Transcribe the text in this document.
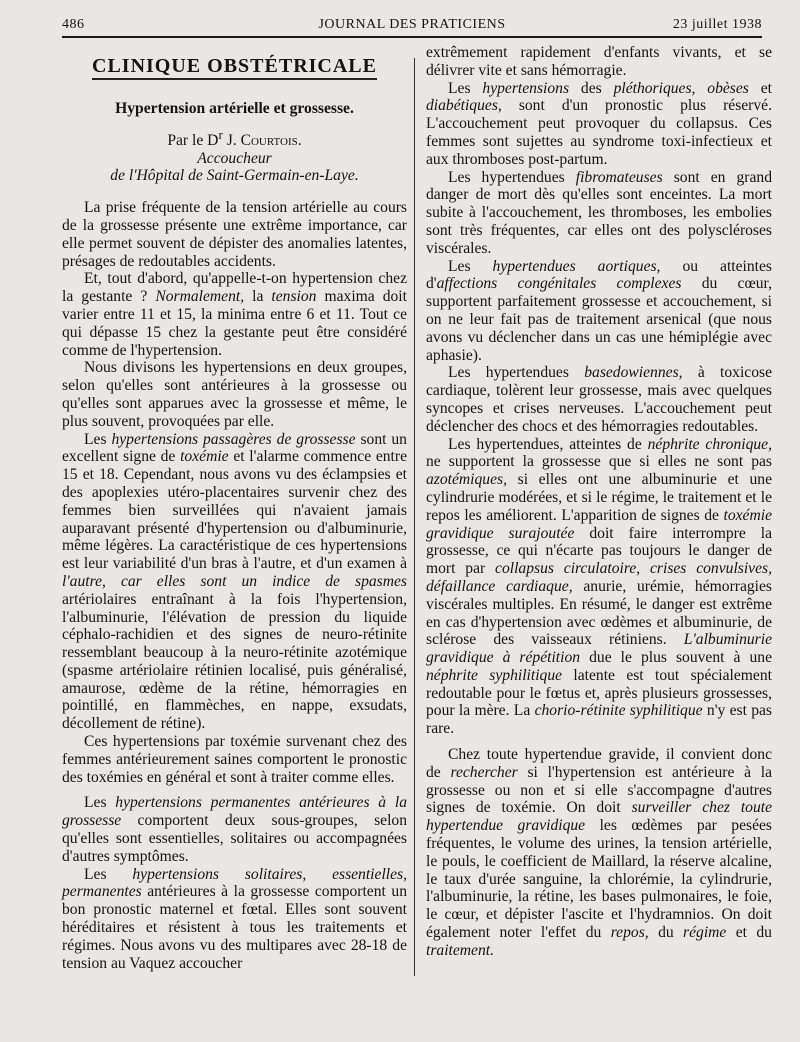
JOURNAL DES PRATICIENS
486	23 juillet 1938
CLINIQUE OBSTÉTRICALE
Hypertension artérielle et grossesse.
Par le $D^r$ J. Courtois.
Accoucheur
de l'Hôpital de Saint-Germain-en-Laye.

La prise fréquente de la tension artérielle au cours de la grossesse présente une extrême importance, car elle permet souvent de dépister des anomalies latentes, présages de redoutables accidents.

Et, tout d'abord, qu'appelle-t-on hypertension chez la gestante ? Normalement, la tension maxima doit varier entre 11 et 15, la minima entre 6 et 11. Tout ce qui dépasse 15 chez la gestante peut être considéré comme de l'hypertension.

Nous divisons les hypertensions en deux groupes, selon qu'elles sont antérieures à la grossesse ou qu'elles sont apparues avec la grossesse et même, le plus souvent, provoquées par elle.

Les hypertensions passagères de grossesse sont un excellent signe de toxémie et l'alarme commence entre 15 et 18. Cependant, nous avons vu des éclampsies et des apoplexies utéro-placentaires survenir chez des femmes bien surveillées qui n'avaient jamais auparavant présenté d'hypertension ou d'albuminurie, même légères. La caractéristique de ces hypertensions est leur variabilité d'un bras à l'autre, et d'un examen à l'autre, car elles sont un indice de spasmes artériolaires entraînant à la fois l'hypertension, l'albuminurie, l'élévation de pression du liquide céphalo-rachidien et des signes de neuro-rétinite ressemblant beaucoup à la neuro-rétinite azotémique (spasme artériolaire rétinien localisé, puis généralisé, amaurose, œdème de la rétine, hémorragies en pointillé, en flammèches, en nappe, exsudats, décollement de rétine).

Ces hypertensions par toxémie survenant chez des femmes antérieurement saines comportent le pronostic des toxémies en général et sont à traiter comme elles.

Les hypertensions permanentes antérieures à la grossesse comportent deux sous-groupes, selon qu'elles sont essentielles, solitaires ou accompagnées d'autres symptômes.

Les hypertensions solitaires, essentielles, permanentes antérieures à la grossesse comportent un bon pronostic maternel et fœtal. Elles sont souvent héréditaires et résistent à tous les traitements et régimes. Nous avons vu des multipares avec 28-18 de tension au Vaquez accoucher

extrêmement rapidement d'enfants vivants, et se délivrer vite et sans hémorragie.

Les hypertensions des pléthoriques, obèses et diabétiques, sont d'un pronostic plus réservé. L'accouchement peut provoquer du collapsus. Ces femmes sont sujettes au syndrome toxi-infectieux et aux thromboses post-partum.

Les hypertendues fibromateuses sont en grand danger de mort dès qu'elles sont enceintes. La mort subite à l'accouchement, les thromboses, les embolies sont très fréquentes, car elles ont des polyscléroses viscérales.

Les hypertendues aortiques, ou atteintes d'affections congénitales complexes du cœur, supportent parfaitement grossesse et accouchement, si on ne leur fait pas de traitement arsenical (que nous avons vu déclencher dans un cas une hémiplégie avec aphasie).

Les hypertendues basedowiennes, à toxicose cardiaque, tolèrent leur grossesse, mais avec quelques syncopes et crises nerveuses. L'accouchement peut déclencher des chocs et des hémorragies redoutables.

Les hypertendues, atteintes de néphrite chronique, ne supportent la grossesse que si elles ne sont pas azotémiques, si elles ont une albuminurie et une cylindrurie modérées, et si le régime, le traitement et le repos les améliorent. L'apparition de signes de toxémie gravidique surajoutée doit faire interrompre la grossesse, ce qui n'écarte pas toujours le danger de mort par collapsus circulatoire, crises convulsives, défaillance cardiaque, anurie, urémie, hémorragies viscérales multiples. En résumé, le danger est extrême en cas d'hypertension avec œdèmes et albuminurie, de sclérose des vaisseaux rétiniens. L'albuminurie gravidique à répétition due le plus souvent à une néphrite syphilitique latente est tout spécialement redoutable pour le fœtus et, après plusieurs grossesses, pour la mère. La chorio-rétinite syphilitique n'y est pas rare.

Chez toute hypertendue gravide, il convient donc de rechercher si l'hypertension est antérieure à la grossesse ou non et si elle s'accompagne d'autres signes de toxémie. On doit surveiller chez toute hypertendue gravidique les œdèmes par pesées fréquentes, le volume des urines, la tension artérielle, le pouls, le coefficient de Maillard, la réserve alcaline, le taux d'urée sanguine, la chlorémie, la cylindrurie, l'albuminurie, la rétine, les bases pulmonaires, le foie, le cœur, et dépister l'ascite et l'hydramnios. On doit également noter l'effet du repos, du régime et du traitement.
